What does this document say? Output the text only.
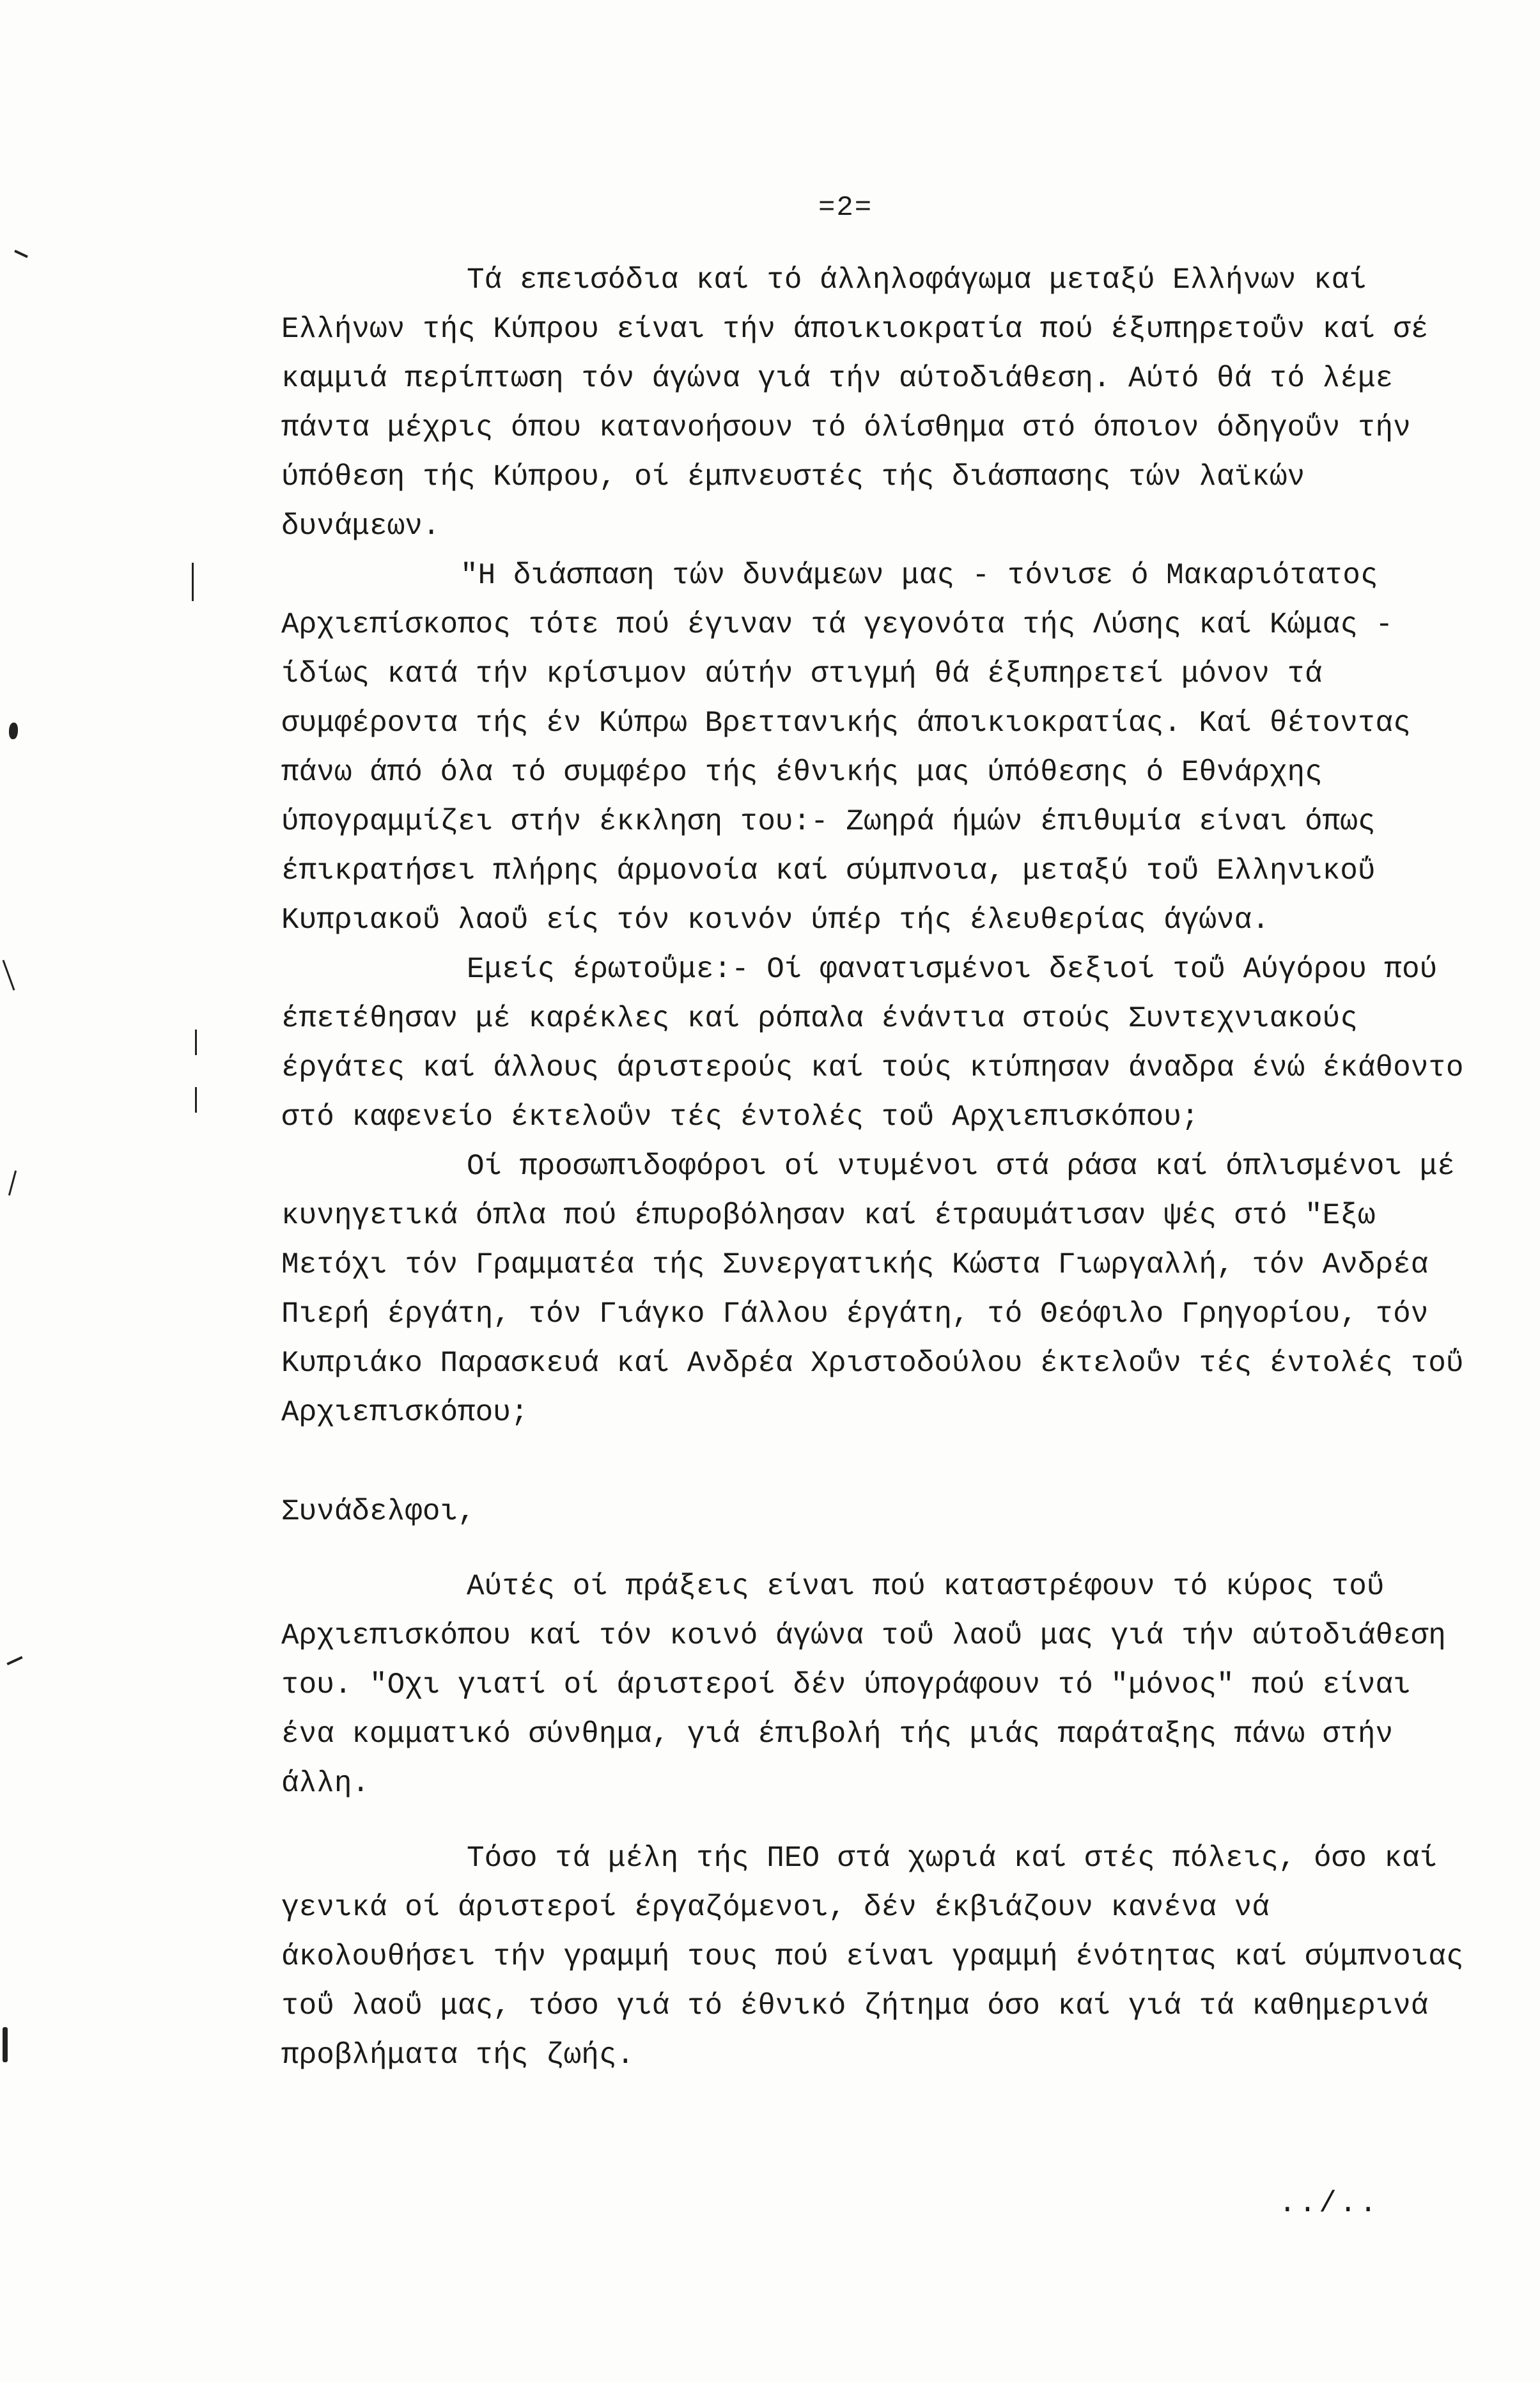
=2=

Τά επεισόδια καί τό άλληλοφάγωμα μεταξύ Ελλήνων καί Ελλήνων τής Κύπρου είναι τήν άποικιοκρατία πού έξυπηρετοΰν καί σέ καμμιά περίπτωση τόν άγώνα γιά τήν αύτοδιάθεση. Αύτό θά τό λέμε πάντα μέχρις όπου κατανοήσουν τό όλίσθημα στό όποιον όδηγοΰν τήν ύπόθεση τής Κύπρου, οί έμπνευστές τής διάσπασης τών λαϊκών δυνάμεων.

"Η διάσπαση τών δυνάμεων μας - τόνισε ό Μακαριότατος Αρχιεπίσκοπος τότε πού έγιναν τά γεγονότα τής Λύσης καί Κώμας - ίδίως κατά τήν κρίσιμον αύτήν στιγμή θά έξυπηρετεί μόνον τά συμφέροντα τής έν Κύπρω Βρεττανικής άποικιοκρατίας. Καί θέτοντας πάνω άπό όλα τό συμφέρο τής έθνικής μας ύπόθεσης ό Εθνάρχης ύπογραμμίζει στήν έκκληση του:- Ζωηρά ήμών έπιθυμία είναι όπως έπικρατήσει πλήρης άρμονοία καί σύμπνοια, μεταξύ τοΰ Ελληνικοΰ Κυπριακοΰ λαοΰ είς τόν κοινόν ύπέρ τής έλευθερίας άγώνα.

Εμείς έρωτοΰμε:- Οί φανατισμένοι δεξιοί τοΰ Αύγόρου πού έπετέθησαν μέ καρέκλες καί ρόπαλα ένάντια στούς Συντεχνιακούς έργάτες καί άλλους άριστερούς καί τούς κτύπησαν άναδρα ένώ έκάθοντο στό καφενείο έκτελοΰν τές έντολές τοΰ Αρχιεπισκόπου;

Οί προσωπιδοφόροι οί ντυμένοι στά ράσα καί όπλισμένοι μέ κυνηγετικά όπλα πού έπυροβόλησαν καί έτραυμάτισαν ψές στό "Εξω Μετόχι τόν Γραμματέα τής Συνεργατικής Κώστα Γιωργαλλή, τόν Ανδρέα Πιερή έργάτη, τόν Γιάγκο Γάλλου έργάτη, τό Θεόφιλο Γρηγορίου, τόν Κυπριάκο Παρασκευά καί Ανδρέα Χριστοδούλου έκτελοΰν τές έντολές τοΰ Αρχιεπισκόπου;

Συνάδελφοι,

Αύτές οί πράξεις είναι πού καταστρέφουν τό κύρος τοΰ Αρχιεπισκόπου καί τόν κοινό άγώνα τοΰ λαοΰ μας γιά τήν αύτοδιάθεση του. "Οχι γιατί οί άριστεροί δέν ύπογράφουν τό "μόνος" πού είναι ένα κομματικό σύνθημα, γιά έπιβολή τής μιάς παράταξης πάνω στήν άλλη.

Τόσο τά μέλη τής ΠΕΟ στά χωριά καί στές πόλεις, όσο καί γενικά οί άριστεροί έργαζόμενοι, δέν έκβιάζουν κανένα νά άκολουθήσει τήν γραμμή τους πού είναι γραμμή ένότητας καί σύμπνοιας τοΰ λαοΰ μας, τόσο γιά τό έθνικό ζήτημα όσο καί γιά τά καθημερινά προβλήματα τής ζωής.

../..
